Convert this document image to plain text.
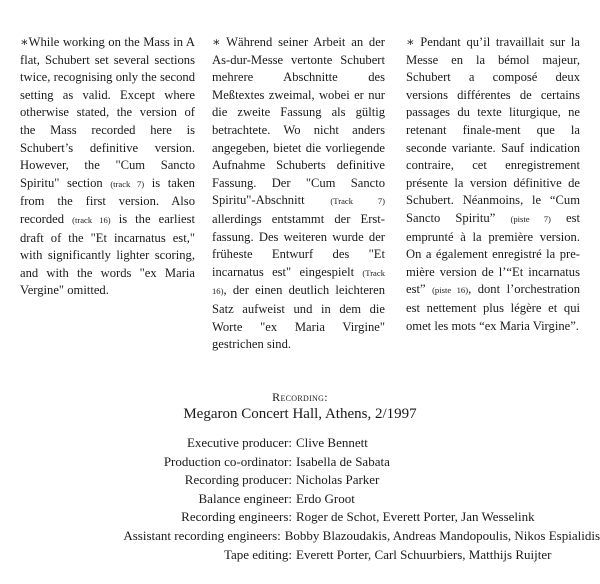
∗While working on the Mass in A flat, Schubert set several sections twice, recognising only the second setting as valid. Except where otherwise stated, the version of the Mass recorded here is Schubert’s definitive version. However, the "Cum Sancto Spiritu" section (track 7) is taken from the first version. Also recorded (track 16) is the earliest draft of the "Et incarnatus est," with significantly lighter scoring, and with the words "ex Maria Vergine" omitted.

∗ Während seiner Arbeit an der As-dur-Messe vertonte Schubert mehrere Abschnitte des Meßtextes zweimal, wobei er nur die zweite Fassung als gültig betrachtete. Wo nicht anders angegeben, bietet die vorliegende Aufnahme Schuberts definitive Fassung. Der "Cum Sancto Spiritu"-Abschnitt (Track 7) allerdings entstammt der Erst-fassung. Des weiteren wurde der früheste Entwurf des "Et incarnatus est" eingespielt (Track 16), der einen deutlich leichteren Satz aufweist und in dem die Worte "ex Maria Virgine" gestrichen sind.

∗ Pendant qu’il travaillait sur la Messe en la bémol majeur, Schubert a composé deux versions différentes de certains passages du texte liturgique, ne retenant finale-ment que la seconde variante. Sauf indication contraire, cet enregistrement présente la version définitive de Schubert. Néanmoins, le “Cum Sancto Spiritu” (piste 7) est emprunté à la première version. On a également enregistré la pre-mière version de l’“Et incarnatus est” (piste 16), dont l’orchestration est nettement plus légère et qui omet les mots “ex Maria Virgine”.

Recording:
Megaron Concert Hall, Athens, 2/1997
Executive producer: Clive Bennett
Production co-ordinator: Isabella de Sabata
Recording producer: Nicholas Parker
Balance engineer: Erdo Groot
Recording engineers: Roger de Schot, Everett Porter, Jan Wesselink
Assistant recording engineers: Bobby Blazoudakis, Andreas Mandopoulis, Nikos Espialidis
Tape editing: Everett Porter, Carl Schuurbiers, Matthijs Ruijter
